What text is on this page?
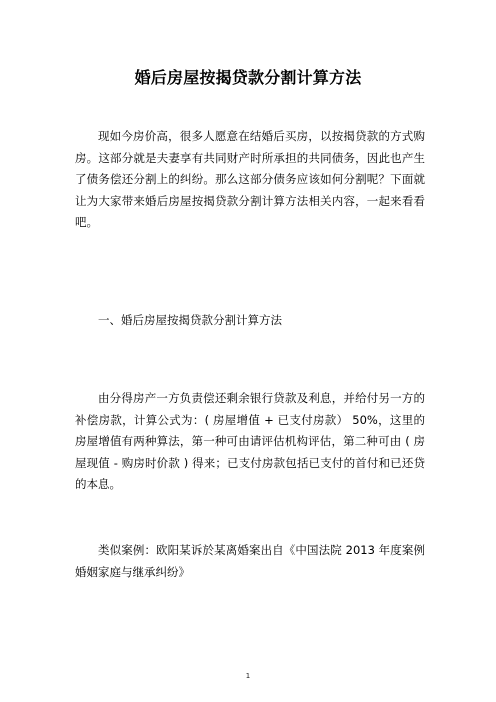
婚后房屋按揭贷款分割计算方法

现如今房价高，很多人愿意在结婚后买房，以按揭贷款的方式购房。这部分就是夫妻享有共同财产时所承担的共同债务，因此也产生了债务偿还分割上的纠纷。那么这部分债务应该如何分割呢？下面就让为大家带来婚后房屋按揭贷款分割计算方法相关内容，一起来看看吧。

一、婚后房屋按揭贷款分割计算方法

由分得房产一方负责偿还剩余银行贷款及利息，并给付另一方的补偿房款，计算公式为：( 房屋增值 + 已支付房款） 50%，这里的房屋增值有两种算法，第一种可由请评估机构评估，第二种可由 ( 房屋现值 - 购房时价款 ) 得来；已支付房款包括已支付的首付和已还贷的本息。

类似案例：欧阳某诉於某离婚案出自《中国法院 2013 年度案例 婚姻家庭与继承纠纷》

1
